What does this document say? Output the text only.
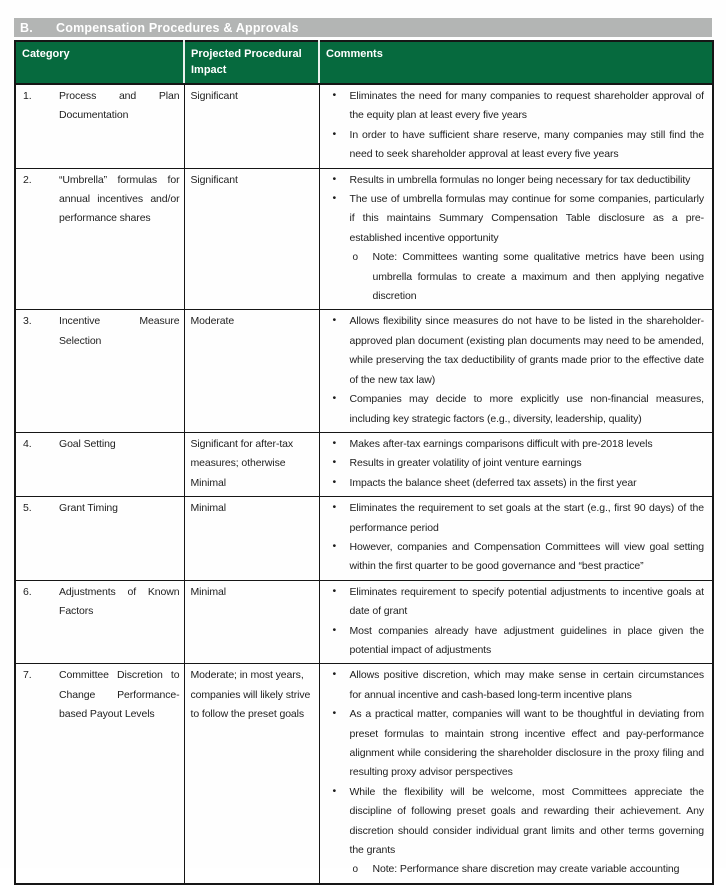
B.	Compensation Procedures & Approvals
Category	Projected Procedural Impact	Comments

1.	Process and Plan Documentation	Significant	• Eliminates the need for many companies to request shareholder approval of the equity plan at least every five years
• In order to have sufficient share reserve, many companies may still find the need to seek shareholder approval at least every five years

2.	“Umbrella” formulas for annual incentives and/or performance shares	Significant	• Results in umbrella formulas no longer being necessary for tax deductibility
• The use of umbrella formulas may continue for some companies, particularly if this maintains Summary Compensation Table disclosure as a pre-established incentive opportunity
o Note: Committees wanting some qualitative metrics have been using umbrella formulas to create a maximum and then applying negative discretion

3.	Incentive Measure Selection	Moderate	• Allows flexibility since measures do not have to be listed in the shareholder-approved plan document (existing plan documents may need to be amended, while preserving the tax deductibility of grants made prior to the effective date of the new tax law)
• Companies may decide to more explicitly use non-financial measures, including key strategic factors (e.g., diversity, leadership, quality)

4.	Goal Setting	Significant for after-tax measures; otherwise Minimal	
• Makes after-tax earnings comparisons difficult with pre-2018 levels
• Results in greater volatility of joint venture earnings
• Impacts the balance sheet (deferred tax assets) in the first year

5.	Grant Timing	Minimal	• Eliminates the requirement to set goals at the start (e.g., first 90 days) of the performance period
• However, companies and Compensation Committees will view goal setting within the first quarter to be good governance and “best practice”

6.	Adjustments of Known Factors	Minimal	• Eliminates requirement to specify potential adjustments to incentive goals at date of grant
• Most companies already have adjustment guidelines in place given the potential impact of adjustments

7.	Committee Discretion to Change Performance-based Payout Levels	Moderate; in most years, companies will likely strive to follow the preset goals	
• Allows positive discretion, which may make sense in certain circumstances for annual incentive and cash-based long-term incentive plans
• As a practical matter, companies will want to be thoughtful in deviating from preset formulas to maintain strong incentive effect and pay-performance alignment while considering the shareholder disclosure in the proxy filing and resulting proxy advisor perspectives
• While the flexibility will be welcome, most Committees appreciate the discipline of following preset goals and rewarding their achievement. Any discretion should consider individual grant limits and other terms governing the grants
o Note: Performance share discretion may create variable accounting
